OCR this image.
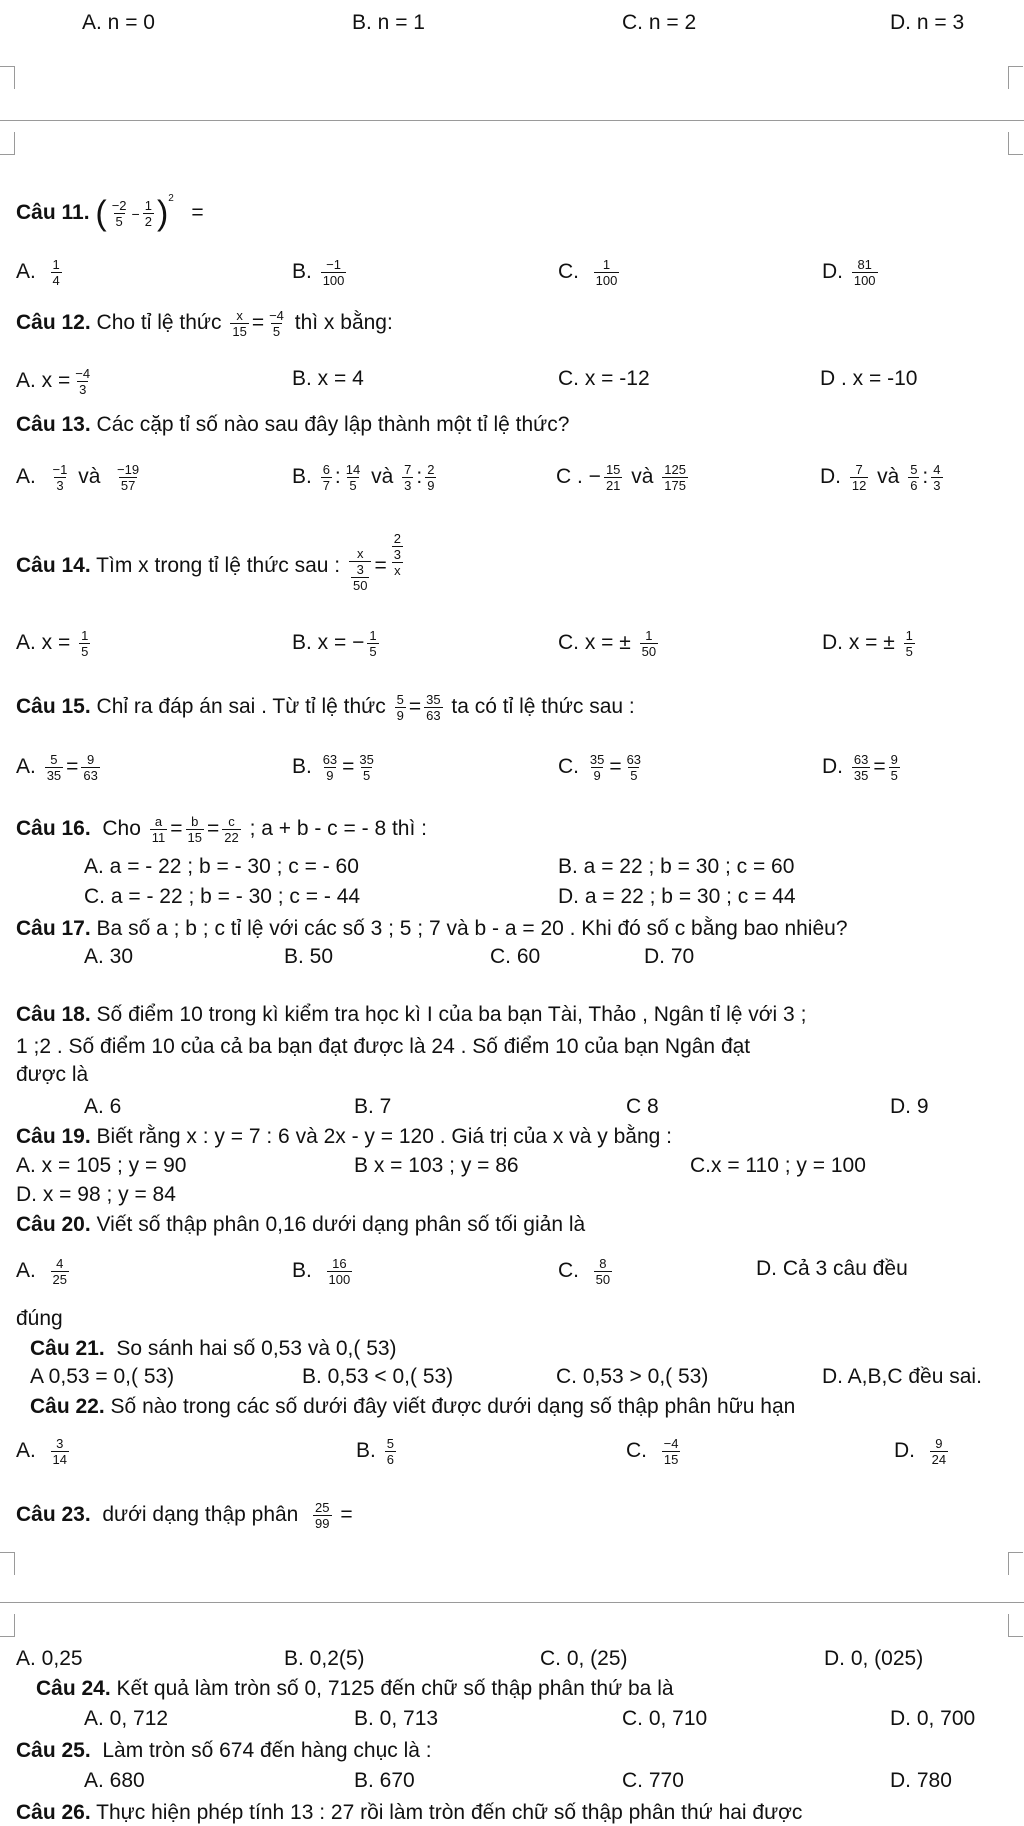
A. n = 0	B. n = 1	C. n = 2	D. n = 3
Câu 11. ( $\frac{-2}{5} - \frac{1}{2} )^2$   =
A. $\frac{1}{4}$	B. $\frac{-1}{100}$	C. $\frac{1}{100}$	D. $\frac{81}{100}$
Câu 12. Cho tỉ lệ thức $\frac{x}{15} = \frac{-4}{5}$ thì x bằng:
A. $x = \frac{-4}{3}$	B. x = 4	C. x = -12	D . x = -10
Câu 13. Các cặp tỉ số nào sau đây lập thành một tỉ lệ thức?
A. $\frac{-1}{3}$ và $\frac{-19}{57}$	B. $\frac{6}{7}$ : $\frac{14}{5}$ và $\frac{7}{3}$ : $\frac{2}{9}$	C . − $\frac{15}{21}$ và $\frac{125}{175}$	D. $\frac{7}{12}$ và $\frac{5}{6}$ : $\frac{4}{3}$
Câu 14. Tìm x trong tỉ lệ thức sau : $\frac{x}{\frac{3}{50}} = \frac{\frac{2}{3}}{x}$
A. $x = \frac{1}{5}$	B. x = − $\frac{1}{5}$	C. x = ± $\frac{1}{50}$	D. x = ± $\frac{1}{5}$
Câu 15. Chỉ ra đáp án sai . Từ tỉ lệ thức $\frac{5}{9} = \frac{35}{63}$ ta có tỉ lệ thức sau :
A. $\frac{5}{35} = \frac{9}{63}$	B. $\frac{63}{9} = \frac{35}{5}$	C. $\frac{35}{9} = \frac{63}{5}$	D. $\frac{63}{35} = \frac{9}{5}$
Câu 16. Cho $\frac{a}{11} = \frac{b}{15} = \frac{c}{22}$ ; a + b - c = - 8 thì :
A. a = - 22 ; b = - 30 ; c = - 60	B. a = 22 ; b = 30 ; c = 60
C. a = - 22 ; b = - 30 ; c = - 44	D. a = 22 ; b = 30 ; c = 44
Câu 17. Ba số a ; b ; c tỉ lệ với các số 3 ; 5 ; 7 và b - a = 20 . Khi đó số c bằng bao nhiêu?
A. 30	B. 50	C. 60	D. 70
Câu 18. Số điểm 10 trong kì kiểm tra học kì I của ba bạn Tài, Thảo , Ngân tỉ lệ với 3 ;
1 ;2 . Số điểm 10 của cả ba bạn đạt được là 24 . Số điểm 10 của bạn Ngân đạt
được là
A. 6	B. 7	C 8	D. 9
Câu 19. Biết rằng x : y = 7 : 6 và 2x - y = 120 . Giá trị của x và y bằng :
A. x = 105 ; y = 90	B x = 103 ; y = 86	C.x = 110 ; y = 100
D. x = 98 ; y = 84
Câu 20. Viết số thập phân 0,16 dưới dạng phân số tối giản là
A. $\frac{4}{25}$	B. $\frac{16}{100}$	C. $\frac{8}{50}$	D. Cả 3 câu đều
đúng
Câu 21. So sánh hai số 0,53 và 0,( 53)
A 0,53 = 0,( 53)	B. 0,53 < 0,( 53)	C. 0,53 > 0,( 53)	D. A,B,C đều sai.
Câu 22. Số nào trong các số dưới đây viết được dưới dạng số thập phân hữu hạn
A. $\frac{3}{14}$	B. $\frac{5}{6}$	C. $\frac{-4}{15}$	D. $\frac{9}{24}$
Câu 23. dưới dạng thập phân $\frac{25}{99}$ =
A. 0,25	B. 0,2(5)	C. 0, (25)	D. 0, (025)
Câu 24. Kết quả làm tròn số 0, 7125 đến chữ số thập phân thứ ba là
A. 0, 712	B. 0, 713	C. 0, 710	D. 0, 700
Câu 25. Làm tròn số 674 đến hàng chục là :
A. 680	B. 670	C. 770	D. 780
Câu 26. Thực hiện phép tính 13 : 27 rồi làm tròn đến chữ số thập phân thứ hai được
